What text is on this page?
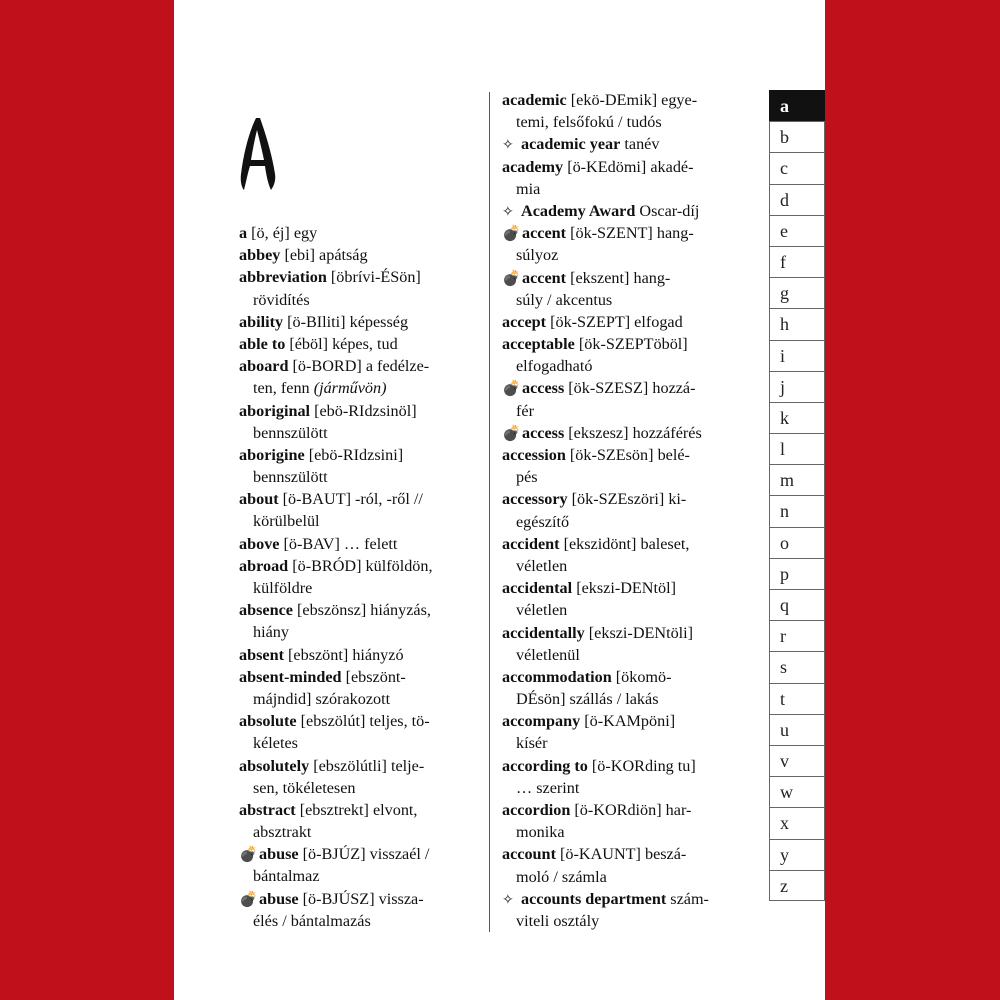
a [ö, éj] egy
abbey [ebi] apátság
abbreviation [öbrívi-ÉSön]
rövidítés
ability [ö-BIliti] képesség
able to [éböl] képes, tud
aboard [ö-BORD] a fedélze-
ten, fenn (járművön)
aboriginal [ebö-RIdzsinöl]
bennszülött
aborigine [ebö-RIdzsini]
bennszülött
about [ö-BAUT] -ról, -ről //
körülbelül
above [ö-BAV] … felett
abroad [ö-BRÓD] külföldön,
külföldre
absence [ebszönsz] hiányzás,
hiány
absent [ebszönt] hiányzó
absent-minded [ebszönt-
májndid] szórakozott
absolute [ebszölút] teljes, tö-
kéletes
absolutely [ebszölútli] telje-
sen, tökéletesen
abstract [ebsztrekt] elvont,
absztrakt
💣abuse [ö-BJÚZ] visszaél /
bántalmaz
💣abuse [ö-BJÚSZ] vissza-
élés / bántalmazás
academic [ekö-DEmik] egye-
temi, felsőfokú / tudós
✧ academic year tanév
academy [ö-KEdömi] akadé-
mia
✧ Academy Award Oscar-díj
💣accent [ök-SZENT] hang-
súlyoz
💣accent [ekszent] hang-
súly / akcentus
accept [ök-SZEPT] elfogad
acceptable [ök-SZEPTöböl]
elfogadható
💣access [ök-SZESZ] hozzá-
fér
💣access [ekszesz] hozzáférés
accession [ök-SZEsön] belé-
pés
accessory [ök-SZEszöri] ki-
egészítő
accident [ekszidönt] baleset,
véletlen
accidental [ekszi-DENtöl]
véletlen
accidentally [ekszi-DENtöli]
véletlenül
accommodation [ökomö-
DÉsön] szállás / lakás
accompany [ö-KAMpöni]
kísér
according to [ö-KORding tu]
… szerint
accordion [ö-KORdiön] har-
monika
account [ö-KAUNT] beszá-
moló / számla
✧ accounts department szám-
viteli osztály
a
b
c
d
e
f
g
h
i
j
k
l
m
n
o
p
q
r
s
t
u
v
w
x
y
z
